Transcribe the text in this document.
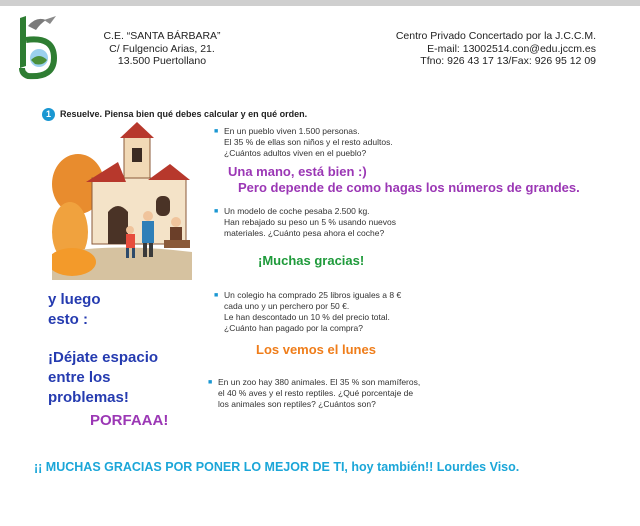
C.E. “SANTA BÁRBARA”
C/ Fulgencio Arias, 21.
13.500 Puertollano
Centro Privado Concertado por la J.C.C.M.
E-mail: 13002514.con@edu.jccm.es
Tfno: 926 43 17 13/Fax: 926 95 12 09
1	Resuelve. Piensa bien qué debes calcular y en qué orden.
■ En un pueblo viven 1.500 personas.
El 35 % de ellas son niños y el resto adultos.
¿Cuántos adultos viven en el pueblo?
■ Un modelo de coche pesaba 2.500 kg.
Han rebajado su peso un 5 % usando nuevos
materiales. ¿Cuánto pesa ahora el coche?
■ Un colegio ha comprado 25 libros iguales a 8 €
cada uno y un perchero por 50 €.
Le han descontado un 10 % del precio total.
¿Cuánto han pagado por la compra?
■ En un zoo hay 380 animales. El 35 % son mamíferos,
el 40 % aves y el resto reptiles. ¿Qué porcentaje de
los animales son reptiles? ¿Cuántos son?
Una mano, está bien :)
Pero depende de como hagas los números de grandes.
¡Muchas gracias!
y luego
esto :
¡Déjate espacio
entre los
problemas!
PORFAAA!
Los vemos el lunes
¡¡ MUCHAS GRACIAS POR PONER LO MEJOR DE TI, hoy también!! Lourdes Viso.
